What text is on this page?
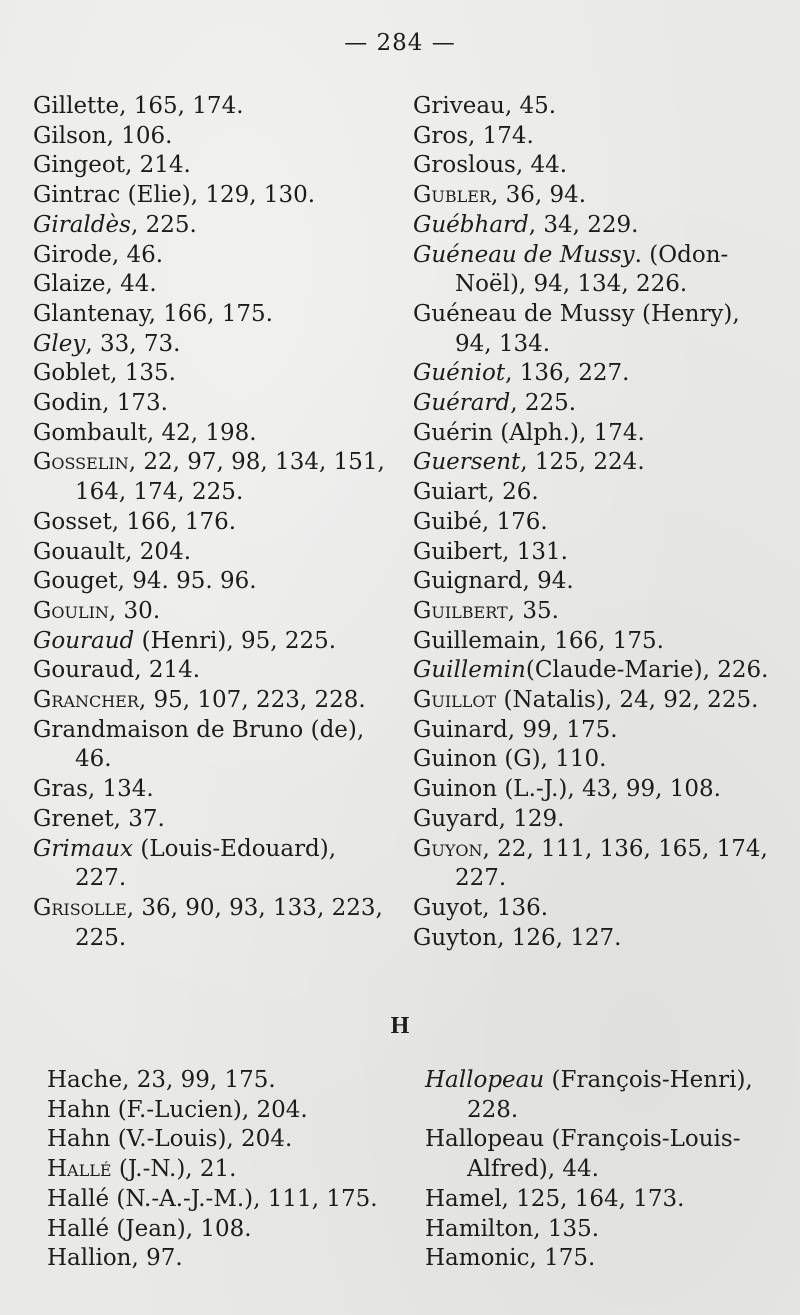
— 284 —
Gillette, 165, 174.
Gilson, 106.
Gingeot, 214.
Gintrac (Elie), 129, 130.
Giraldès, 225.
Girode, 46.
Glaize, 44.
Glantenay, 166, 175.
Gley, 33, 73.
Goblet, 135.
Godin, 173.
Gombault, 42, 198.
Gosselin, 22, 97, 98, 134, 151,
164, 174, 225.
Gosset, 166, 176.
Gouault, 204.
Gouget, 94. 95. 96.
Goulin, 30.
Gouraud (Henri), 95, 225.
Gouraud, 214.
Grancher, 95, 107, 223, 228.
Grandmaison de Bruno (de),
46.
Gras, 134.
Grenet, 37.
Grimaux (Louis-Edouard),
227.
Grisolle, 36, 90, 93, 133, 223,
225.
Griveau, 45.
Gros, 174.
Groslous, 44.
Gubler, 36, 94.
Guébhard, 34, 229.
Guéneau de Mussy. (Odon-
Noël), 94, 134, 226.
Guéneau de Mussy (Henry),
94, 134.
Guéniot, 136, 227.
Guérard, 225.
Guérin (Alph.), 174.
Guersent, 125, 224.
Guiart, 26.
Guibé, 176.
Guibert, 131.
Guignard, 94.
Guilbert, 35.
Guillemain, 166, 175.
Guillemin(Claude-Marie), 226.
Guillot (Natalis), 24, 92, 225.
Guinard, 99, 175.
Guinon (G), 110.
Guinon (L.-J.), 43, 99, 108.
Guyard, 129.
Guyon, 22, 111, 136, 165, 174,
227.
Guyot, 136.
Guyton, 126, 127.
H
Hache, 23, 99, 175.
Hahn (F.-Lucien), 204.
Hahn (V.-Louis), 204.
Hallé (J.-N.), 21.
Hallé (N.-A.-J.-M.), 111, 175.
Hallé (Jean), 108.
Hallion, 97.
Hallopeau (François-Henri),
228.
Hallopeau (François-Louis-
Alfred), 44.
Hamel, 125, 164, 173.
Hamilton, 135.
Hamonic, 175.
